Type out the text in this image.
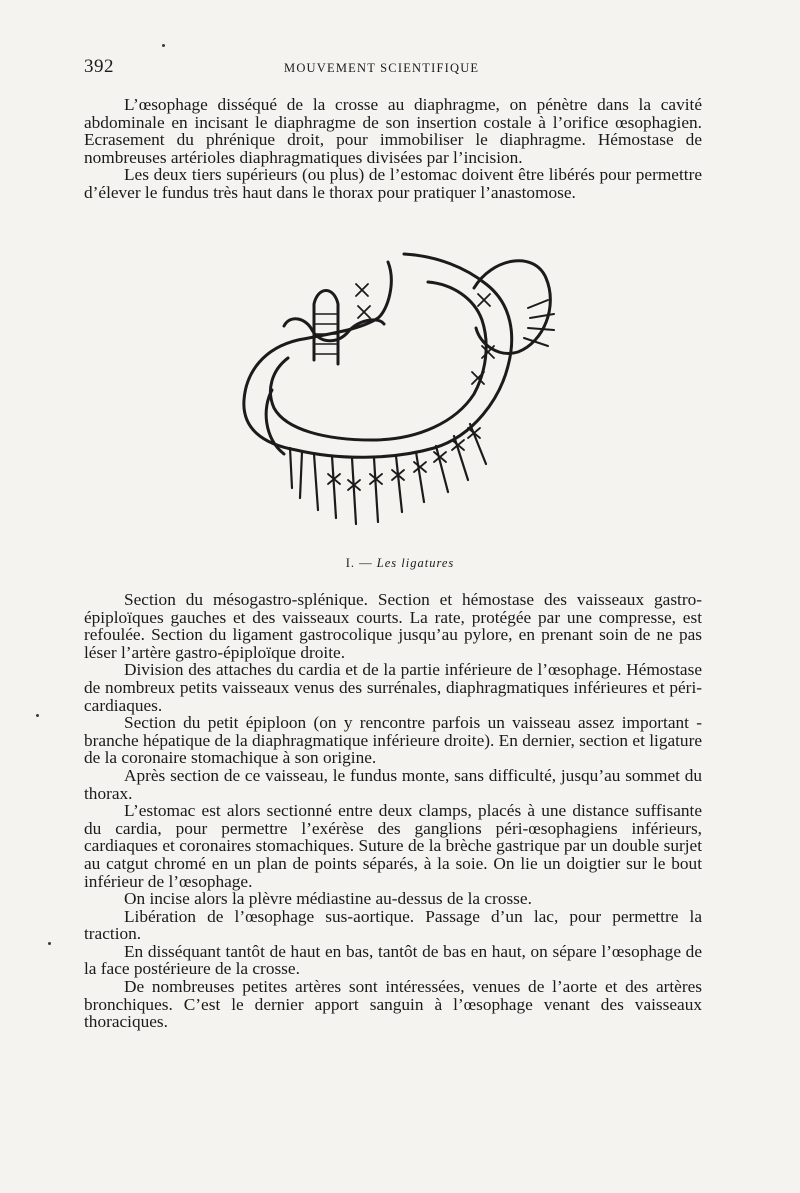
392	MOUVEMENT SCIENTIFIQUE

L’œsophage disséqué de la crosse au diaphragme, on pénètre dans la cavité abdominale en incisant le diaphragme de son insertion costale à l’orifice œsophagien. Ecrasement du phrénique droit, pour immobiliser le diaphragme. Hémostase de nombreuses artérioles diaphragmatiques divisées par l’incision.

Les deux tiers supérieurs (ou plus) de l’estomac doivent être libérés pour permettre d’élever le fundus très haut dans le thorax pour pratiquer l’anastomose.

I. — Les ligatures

Section du mésogastro-splénique. Section et hémostase des vaisseaux gastro-épiploïques gauches et des vaisseaux courts. La rate, protégée par une compresse, est refoulée. Section du ligament gastrocolique jusqu’au pylore, en prenant soin de ne pas léser l’artère gastro-épiploïque droite.

Division des attaches du cardia et de la partie inférieure de l’œsophage. Hémostase de nombreux petits vaisseaux venus des surrénales, diaphragmatiques inférieures et péri-cardiaques.

Section du petit épiploon (on y rencontre parfois un vaisseau assez important - branche hépatique de la diaphragmatique inférieure droite). En dernier, section et ligature de la coronaire stomachique à son origine.

Après section de ce vaisseau, le fundus monte, sans difficulté, jusqu’au sommet du thorax.

L’estomac est alors sectionné entre deux clamps, placés à une distance suffisante du cardia, pour permettre l’exérèse des ganglions péri-œsophagiens inférieurs, cardiaques et coronaires stomachiques. Suture de la brèche gastrique par un double surjet au catgut chromé en un plan de points séparés, à la soie. On lie un doigtier sur le bout inférieur de l’œsophage.

On incise alors la plèvre médiastine au-dessus de la crosse.

Libération de l’œsophage sus-aortique. Passage d’un lac, pour permettre la traction.

En disséquant tantôt de haut en bas, tantôt de bas en haut, on sépare l’œsophage de la face postérieure de la crosse.

De nombreuses petites artères sont intéressées, venues de l’aorte et des artères bronchiques. C’est le dernier apport sanguin à l’œsophage venant des vaisseaux thoraciques.
